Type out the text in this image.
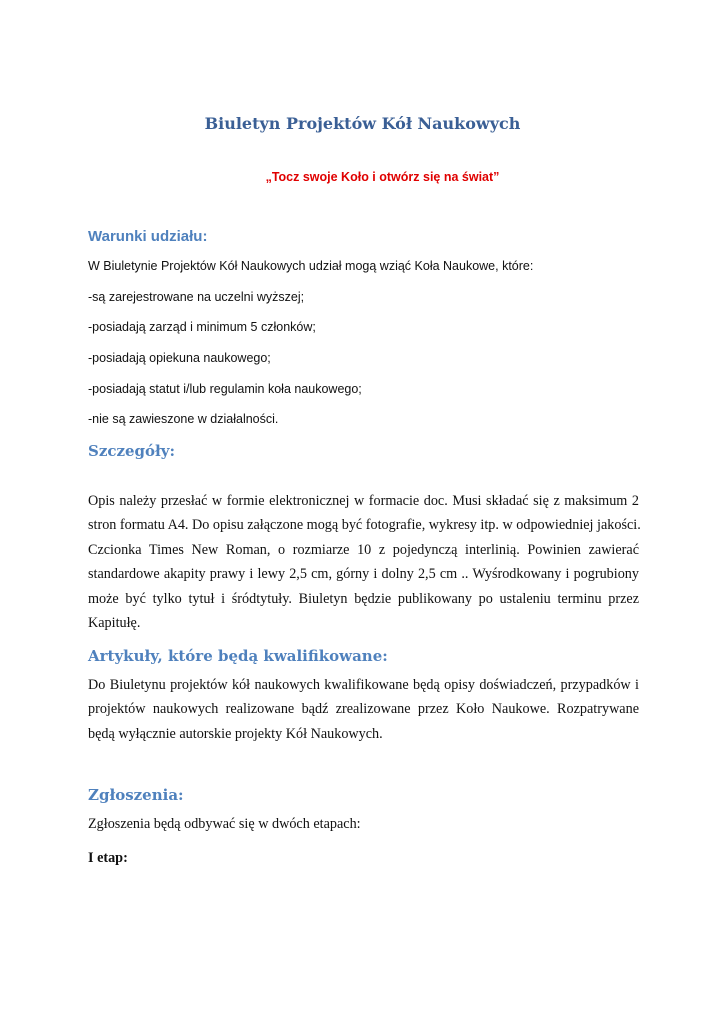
Biuletyn Projektów Kół Naukowych
„Tocz swoje Koło i otwórz się na świat”
Warunki udziału:
W Biuletynie Projektów Kół Naukowych udział mogą wziąć Koła Naukowe, które:
-są zarejestrowane na uczelni wyższej;
-posiadają zarząd i minimum 5 członków;
-posiadają opiekuna naukowego;
-posiadają statut i/lub regulamin koła naukowego;
-nie są zawieszone w działalności.
Szczegóły:
Opis należy przesłać w formie elektronicznej w formacie doc. Musi składać się z maksimum 2
stron formatu A4. Do opisu załączone mogą być fotografie, wykresy itp. w odpowiedniej jakości.
Czcionka Times New Roman, o rozmiarze 10 z pojedynczą interlinią. Powinien zawierać
standardowe akapity prawy i lewy 2,5 cm, górny i dolny 2,5 cm .. Wyśrodkowany i pogrubiony
może być tylko tytuł i śródtytuły. Biuletyn będzie publikowany po ustaleniu terminu przez
Kapitułę.
Artykuły, które będą kwalifikowane:
Do Biuletynu projektów kół naukowych kwalifikowane będą opisy doświadczeń, przypadków i
projektów naukowych realizowane bądź zrealizowane przez Koło Naukowe. Rozpatrywane
będą wyłącznie autorskie projekty Kół Naukowych.
Zgłoszenia:
Zgłoszenia będą odbywać się w dwóch etapach:
I etap:
